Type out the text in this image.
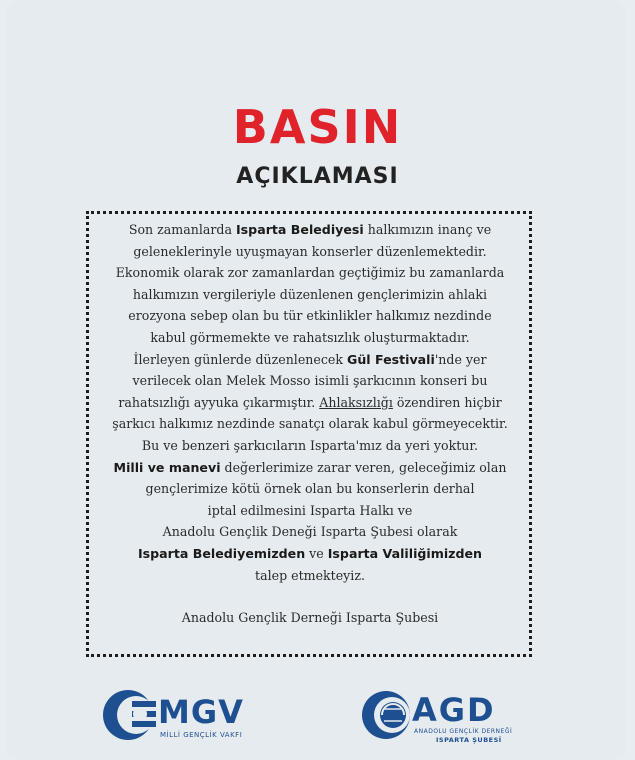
BASIN
AÇIKLAMASI
Son zamanlarda Isparta Belediyesi halkımızın inanç ve
geleneklerinyle uyuşmayan konserler düzenlemektedir.
Ekonomik olarak zor zamanlardan geçtiğimiz bu zamanlarda
halkımızın vergileriyle düzenlenen gençlerimizin ahlaki
erozyona sebep olan bu tür etkinlikler halkımız nezdinde
kabul görmemekte ve rahatsızlık oluşturmaktadır.
İlerleyen günlerde düzenlenecek Gül Festivali'nde yer
verilecek olan Melek Mosso isimli şarkıcının konseri bu
rahatsızlığı ayyuka çıkarmıştır. Ahlaksızlığı özendiren hiçbir
şarkıcı halkımız nezdinde sanatçı olarak kabul görmeyecektir.
Bu ve benzeri şarkıcıların Isparta'mız da yeri yoktur.
Milli ve manevi değerlerimize zarar veren, geleceğimiz olan
gençlerimize kötü örnek olan bu konserlerin derhal
iptal edilmesini Isparta Halkı ve
Anadolu Gençlik Deneği Isparta Şubesi olarak
Isparta Belediyemizden ve Isparta Valiliğimizden
talep etmekteyiz.
Anadolu Gençlik Derneği Isparta Şubesi
MGV
MİLLİ GENÇLİK VAKFI
AGD
ANADOLU GENÇLİK DERNEĞİ
ISPARTA ŞUBESİ
